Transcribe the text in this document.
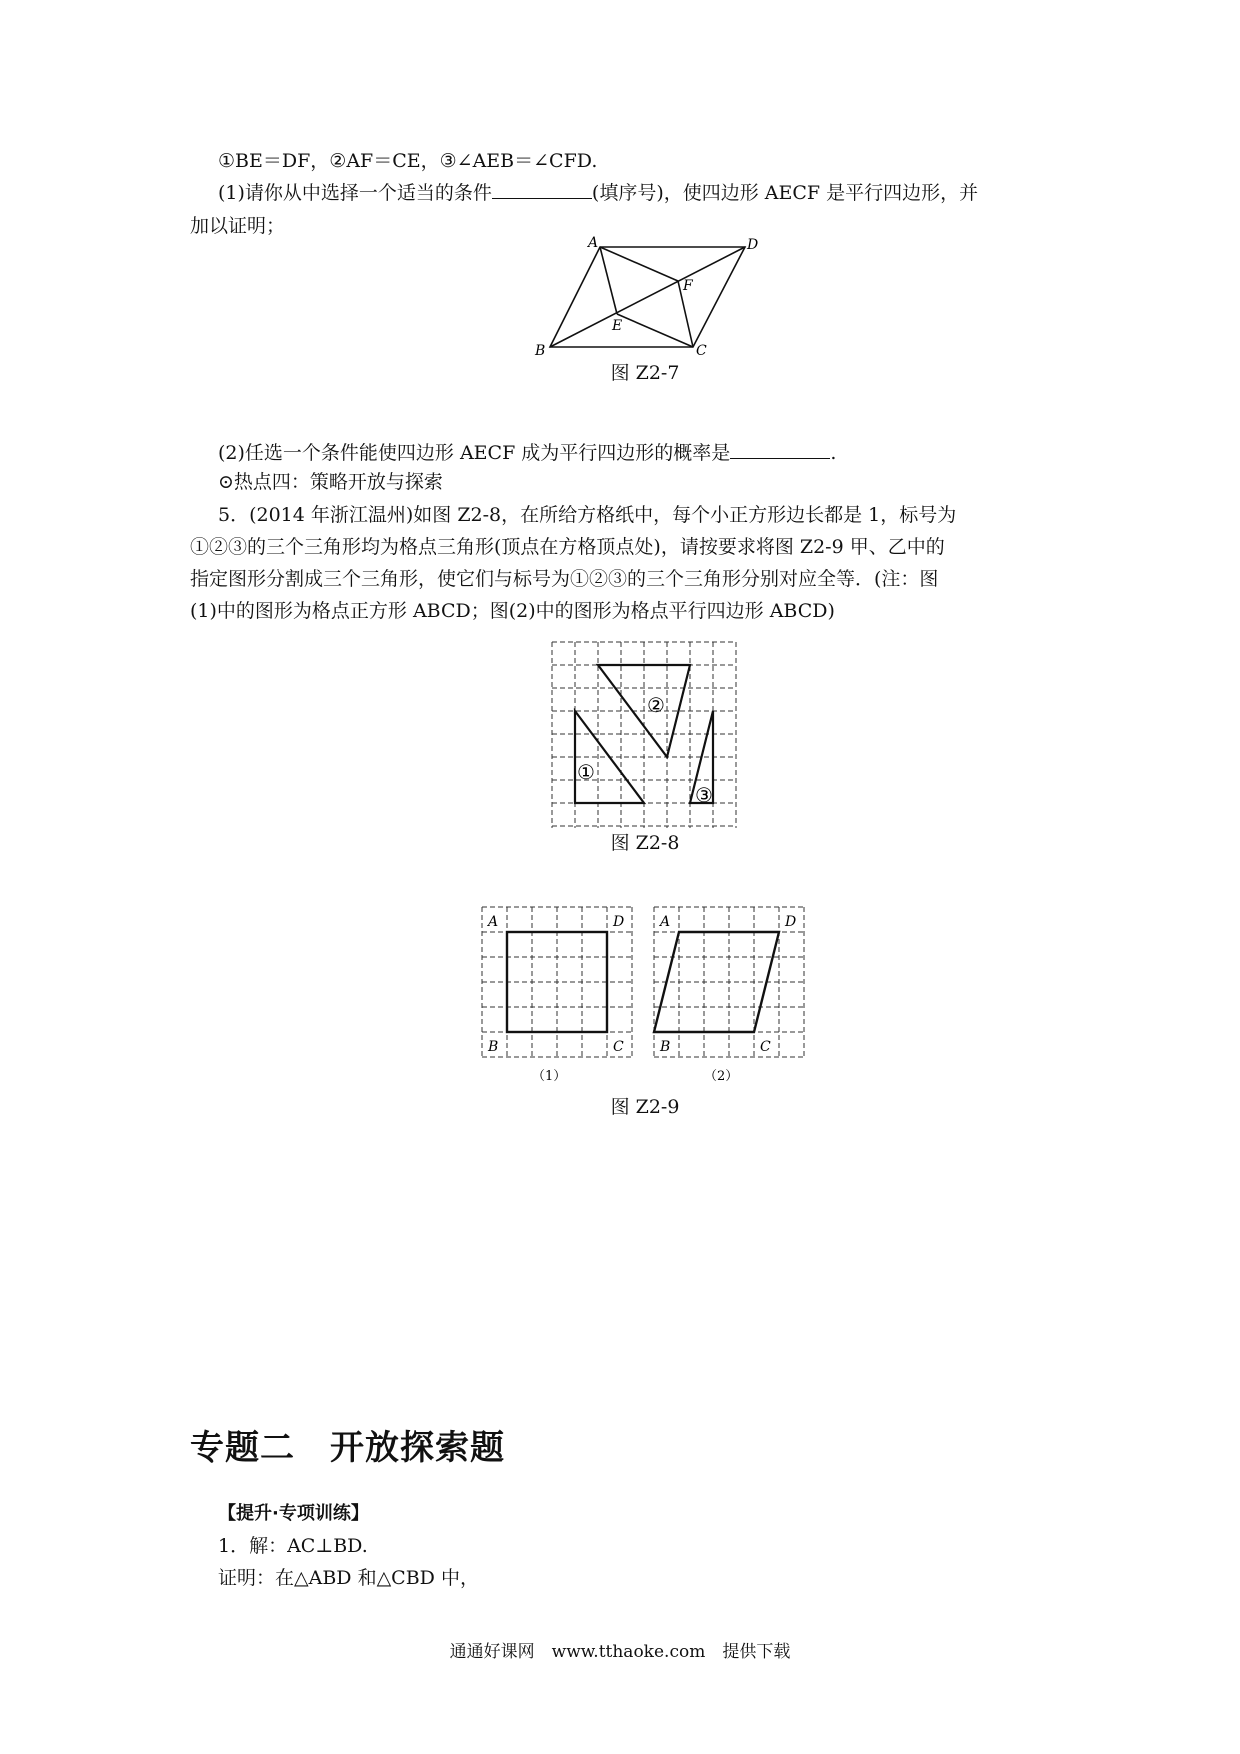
①BE＝DF，②AF＝CE，③∠AEB＝∠CFD.
(1)请你从中选择一个适当的条件	(填序号)，使四边形 AECF 是平行四边形，并
加以证明；
A	D
F
E
B	C
图 Z2-7
(2)任选一个条件能使四边形 AECF 成为平行四边形的概率是	.
⊙热点四：策略开放与探索
5．(2014 年浙江温州)如图 Z2-8，在所给方格纸中，每个小正方形边长都是 1，标号为
①②③的三个三角形均为格点三角形(顶点在方格顶点处)，请按要求将图 Z2-9 甲、乙中的
指定图形分割成三个三角形，使它们与标号为①②③的三个三角形分别对应全等．(注：图
(1)中的图形为格点正方形 ABCD；图(2)中的图形为格点平行四边形 ABCD)
①
②
③
图 Z2-8
A	D
B	C
（1）
A	D
B	C
（2）
图 Z2-9
专题二　开放探索题
【提升·专项训练】
1．解：AC⊥BD.
证明：在△ABD 和△CBD 中，
通通好课网　www.tthaoke.com　提供下载
